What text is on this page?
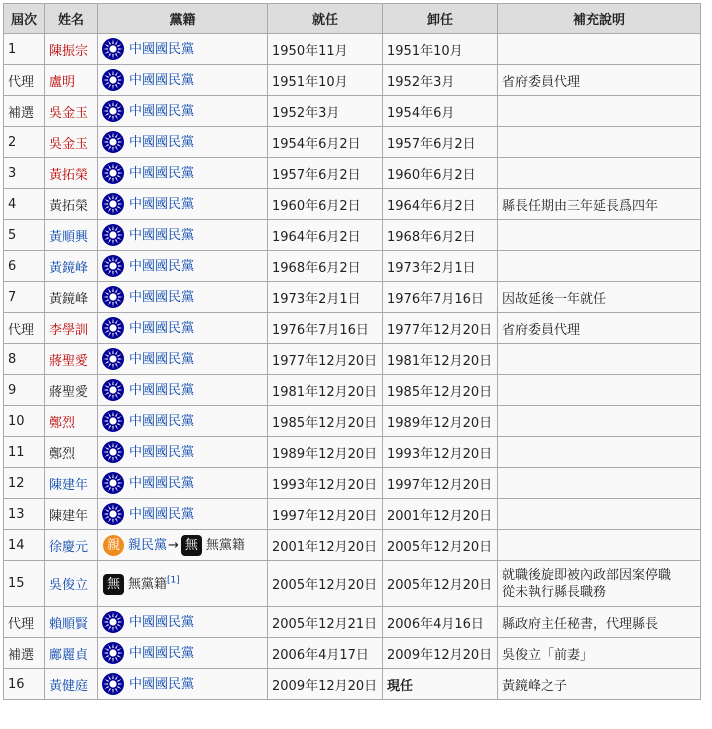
屆次	姓名	黨籍	就任	卸任	補充說明
1	陳振宗	中國國民黨	1950年11月	1951年10月	
代理	盧明	中國國民黨	1951年10月	1952年3月	省府委員代理
補選	吳金玉	中國國民黨	1952年3月	1954年6月	
2	吳金玉	中國國民黨	1954年6月2日	1957年6月2日	
3	黃拓榮	中國國民黨	1957年6月2日	1960年6月2日	
4	黃拓榮	中國國民黨	1960年6月2日	1964年6月2日	縣長任期由三年延長爲四年
5	黃順興	中國國民黨	1964年6月2日	1968年6月2日	
6	黃鏡峰	中國國民黨	1968年6月2日	1973年2月1日	
7	黃鏡峰	中國國民黨	1973年2月1日	1976年7月16日	因故延後一年就任
代理	李學訓	中國國民黨	1976年7月16日	1977年12月20日	省府委員代理
8	蔣聖愛	中國國民黨	1977年12月20日	1981年12月20日	
9	蔣聖愛	中國國民黨	1981年12月20日	1985年12月20日	
10	鄭烈	中國國民黨	1985年12月20日	1989年12月20日	
11	鄭烈	中國國民黨	1989年12月20日	1993年12月20日	
12	陳建年	中國國民黨	1993年12月20日	1997年12月20日	
13	陳建年	中國國民黨	1997年12月20日	2001年12月20日	
14	徐慶元	親 親民黨→ 無 無黨籍	2001年12月20日	2005年12月20日	
15	吳俊立	無 無黨籍[1]	2005年12月20日	2005年12月20日	就職後旋即被內政部因案停職
從未執行縣長職務
代理	賴順賢	中國國民黨	2005年12月21日	2006年4月16日	縣政府主任秘書，代理縣長
補選	鄺麗貞	中國國民黨	2006年4月17日	2009年12月20日	吳俊立「前妻」
16	黃健庭	中國國民黨	2009年12月20日	現任	黃鏡峰之子
